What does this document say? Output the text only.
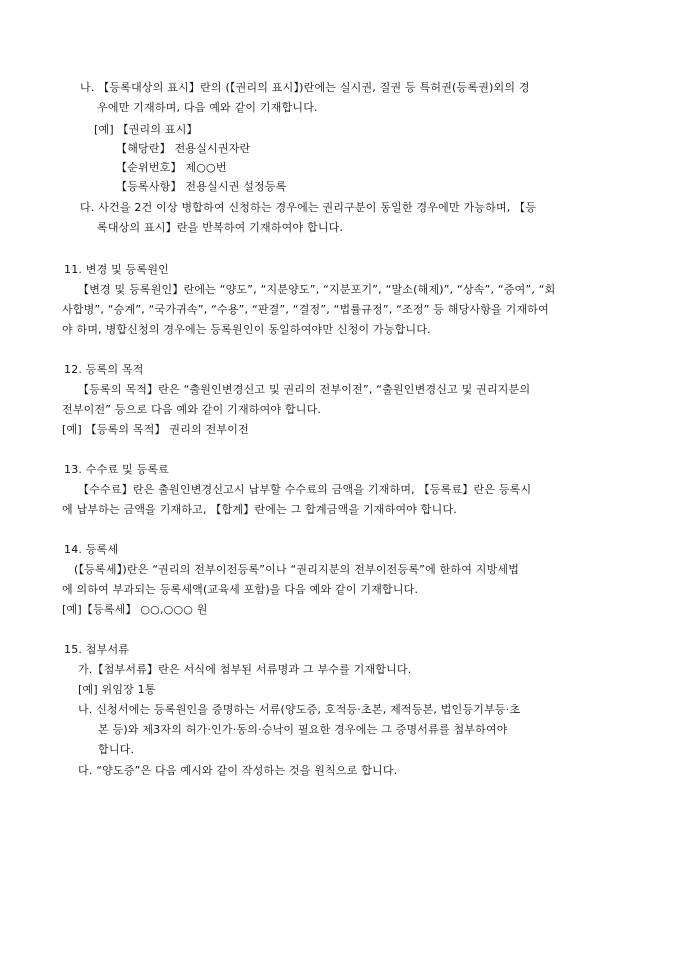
나. 【등록대상의 표시】란의 (【권리의 표시】)란에는 실시권, 질권 등 특허권(등록권)외의 경
우에만 기재하며, 다음 예와 같이 기재합니다.
[예] 【권리의 표시】
【해당란】 전용실시권자란
【순위번호】 제○○번
【등록사항】 전용실시권 설정등록
다. 사건을 2건 이상 병합하여 신청하는 경우에는 권리구분이 동일한 경우에만 가능하며, 【등
록대상의 표시】란을 반복하여 기재하여야 합니다.
11. 변경 및 등록원인
【변경 및 등록원인】란에는 “양도”, “지분양도”, “지분포기”, “말소(해제)”, “상속”, “증여”, “회
사합병”, “승계”, “국가귀속”, “수용”, “판결”, “결정”, “법률규정”, “조정” 등 해당사항을 기재하여
야 하며, 병합신청의 경우에는 등록원인이 동일하여야만 신청이 가능합니다.
12. 등록의 목적
【등록의 목적】란은 “출원인변경신고 및 권리의 전부이전”, “출원인변경신고 및 권리지분의
전부이전” 등으로 다음 예와 같이 기재하여야 합니다.
[예] 【등록의 목적】 권리의 전부이전
13. 수수료 및 등록료
【수수료】란은 출원인변경신고시 납부할 수수료의 금액을 기재하며, 【등록료】란은 등록시
에 납부하는 금액을 기재하고, 【합계】란에는 그 합계금액을 기재하여야 합니다.
14. 등록세
(【등록세】)란은 “권리의 전부이전등록”이나 “권리지분의 전부이전등록”에 한하여 지방세법
에 의하여 부과되는 등록세액(교육세 포함)을 다음 예와 같이 기재합니다.
[예]【등록세】 ○○,○○○ 원
15. 첨부서류
가.【첨부서류】란은 서식에 첨부된 서류명과 그 부수를 기재합니다.
[예] 위임장 1통
나. 신청서에는 등록원인을 증명하는 서류(양도증, 호적등·초본, 제적등본, 법인등기부등·초
본 등)와 제3자의 허가·인가·동의·승낙이 필요한 경우에는 그 증명서류를 첨부하여야
합니다.
다. “양도증”은 다음 예시와 같이 작성하는 것을 원칙으로 합니다.
